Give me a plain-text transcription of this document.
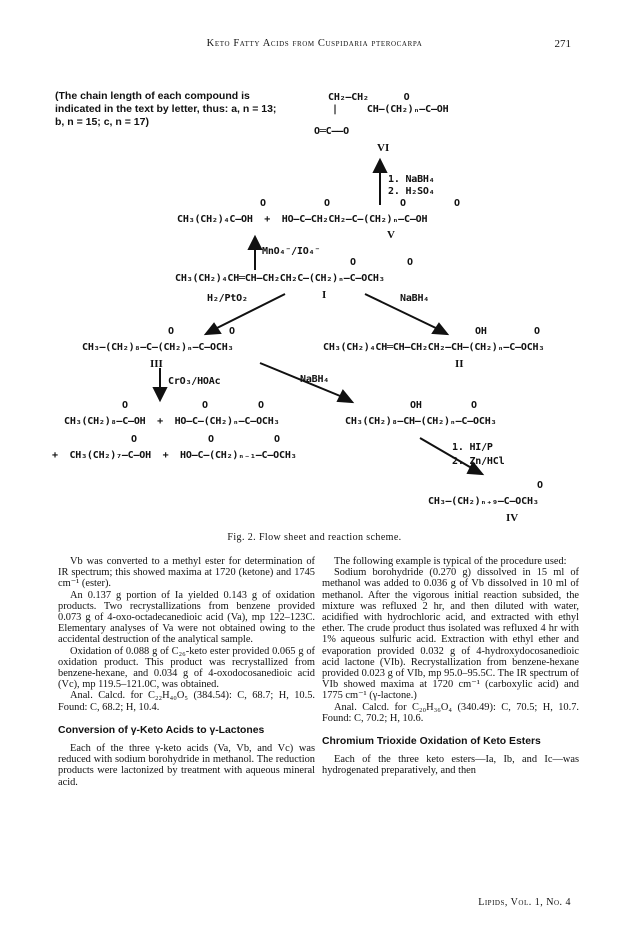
Keto Fatty Acids from Cuspidaria pterocarpa	271
(The chain length of each compound is indicated in the text by letter, thus: a, n = 13; b, n = 15; c, n = 17)
CH₂—CH₂      O
|     CH—(CH₂)ₙ—C—OH
O═C——O
VI
1. NaBH₄
2. H₂SO₄
O	O	O	O
CH₃(CH₂)₄C—OH  +  HO—C—CH₂CH₂—C—(CH₂)ₙ—C—OH
V
MnO₄⁻/IO₄⁻
O	O
CH₃(CH₂)₄CH═CH—CH₂CH₂C—(CH₂)ₙ—C—OCH₃
I
H₂/PtO₂	NaBH₄
O	O
CH₃—(CH₂)₈—C—(CH₂)ₙ—C—OCH₃
III
OH	O
CH₃(CH₂)₄CH═CH—CH₂CH₂—CH—(CH₂)ₙ—C—OCH₃
II
CrO₃/HOAc	NaBH₄
O	O	O
CH₃(CH₂)₈—C—OH  +  HO—C—(CH₂)ₙ—C—OCH₃
O	O	O
+  CH₃(CH₂)₇—C—OH  +  HO—C—(CH₂)ₙ₋₁—C—OCH₃
OH	O
CH₃(CH₂)₈—CH—(CH₂)ₙ—C—OCH₃
1. HI/P
2. Zn/HCl
O
CH₃—(CH₂)ₙ₊₉—C—OCH₃
IV
Fig. 2. Flow sheet and reaction scheme.

Vb was converted to a methyl ester for determination of IR spectrum; this showed maxima at 1720 (ketone) and 1745 cm⁻¹ (ester).

An 0.137 g portion of Ia yielded 0.143 g of oxidation products. Two recrystallizations from benzene provided 0.073 g of 4-oxo-octadecanedioic acid (Va), mp 122–123C. Elementary analyses of Va were not obtained owing to the accidental destruction of the analytical sample.

Oxidation of 0.088 g of C₂₆-keto ester provided 0.065 g of oxidation product. This product was recrystallized from benzene-hexane, and 0.034 g of 4-oxodocosanedioic acid (Vc), mp 119.5–121.0C, was obtained.

Anal. Calcd. for C₂₂H₄₀O₅ (384.54): C, 68.7; H, 10.5. Found: C, 68.2; H, 10.4.

Conversion of γ-Keto Acids to γ-Lactones

Each of the three γ-keto acids (Va, Vb, and Vc) was reduced with sodium borohydride in methanol. The reduction products were lactonized by treatment with aqueous mineral acid.

The following example is typical of the procedure used:

Sodium borohydride (0.270 g) dissolved in 15 ml of methanol was added to 0.036 g of Vb dissolved in 10 ml of methanol. After the vigorous initial reaction subsided, the mixture was refluxed 2 hr, and then diluted with water, acidified with hydrochloric acid, and extracted with ethyl ether. The crude product thus isolated was refluxed 4 hr with 1% aqueous sulfuric acid. Extraction with ethyl ether and evaporation provided 0.032 g of 4-hydroxydocosanedioic acid lactone (VIb). Recrystallization from benzene-hexane provided 0.023 g of VIb, mp 95.0–95.5C. The IR spectrum of VIb showed maxima at 1720 cm⁻¹ (carboxylic acid) and 1775 cm⁻¹ (γ-lactone.)

Anal. Calcd. for C₂₀H₃₆O₄ (340.49): C, 70.5; H, 10.7. Found: C, 70.2; H, 10.6.

Chromium Trioxide Oxidation of Keto Esters

Each of the three keto esters—Ia, Ib, and Ic—was hydrogenated preparatively, and then

Lipids, Vol. 1, No. 4
